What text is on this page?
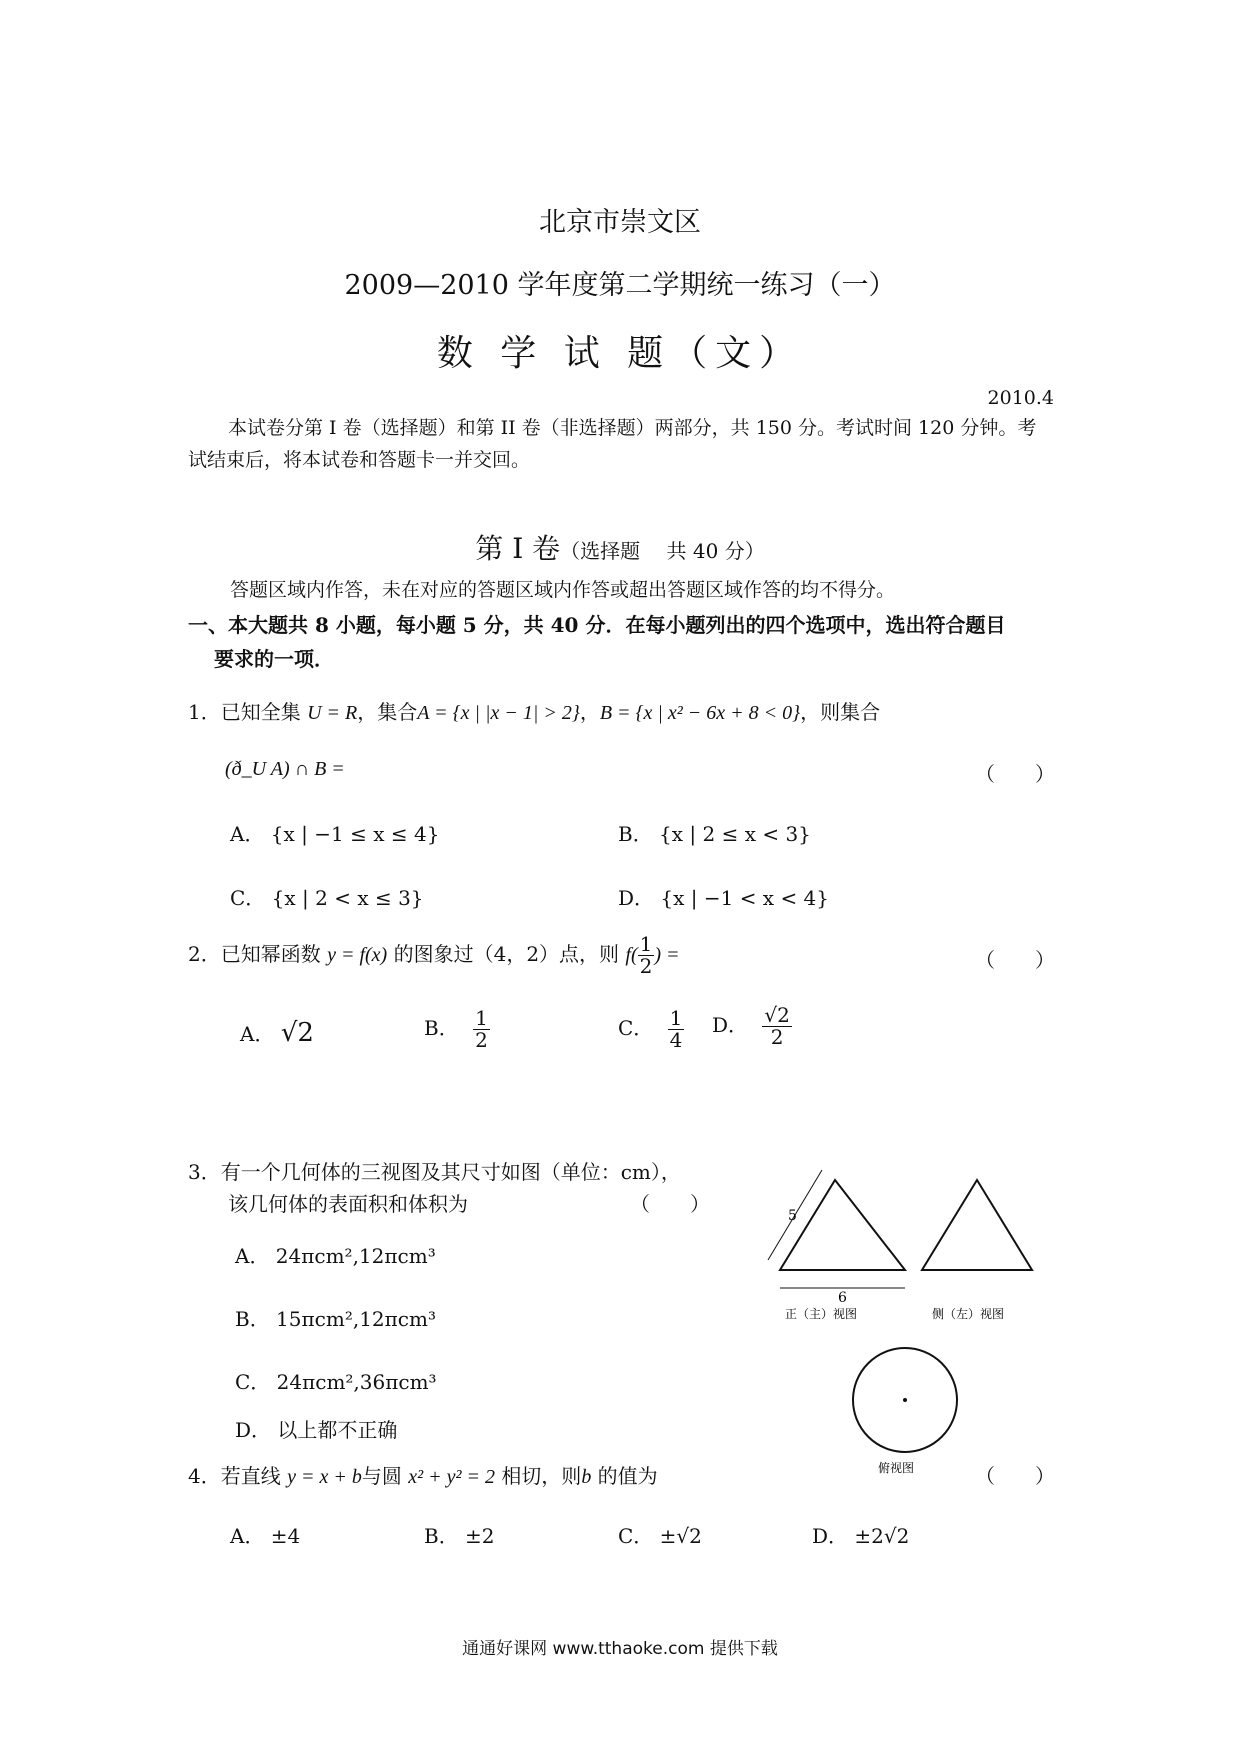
北京市崇文区
2009—2010 学年度第二学期统一练习（一）
数 学 试 题（文）
2010.4
本试卷分第 I 卷（选择题）和第 II 卷（非选择题）两部分，共 150 分。考试时间 120 分钟。考试结束后，将本试卷和答题卡一并交回。
第 I 卷（选择题　 共 40 分）
答题区域内作答，未在对应的答题区域内作答或超出答题区域作答的均不得分。
一、本大题共 8 小题，每小题 5 分，共 40 分．在每小题列出的四个选项中，选出符合题目
要求的一项．
1．已知全集 U = R，集合A = {x | |x − 1| > 2}，B = {x | x² − 6x + 8 < 0}，则集合
(ð_U A) ∩ B =	（　　）
A． {x | −1 ≤ x ≤ 4}	B． {x | 2 ≤ x < 3}
C． {x | 2 < x ≤ 3}	D． {x | −1 < x < 4}
2．已知幂函数 y = f(x) 的图象过（4，2）点，则 $f( \frac{1}{2}$ ) =	（　　）
A． √2	B． $\frac{1}{2}$	C． $\frac{1}{4}$ D． $\frac{√2}{2}$
3．有一个几何体的三视图及其尺寸如图（单位：cm），
该几何体的表面积和体积为	（　　）
A． 24πcm²,12πcm³
B． 15πcm²,12πcm³
C． 24πcm²,36πcm³
D． 以上都不正确
5
6
正（主）视图	侧（左）视图
俯视图
4．若直线 y = x + b与圆 x² + y² = 2 相切，则b 的值为	（　　）
A． ±4	B． ±2	C． ±√2	D． ±2√2
通通好课网 www.tthaoke.com 提供下载
